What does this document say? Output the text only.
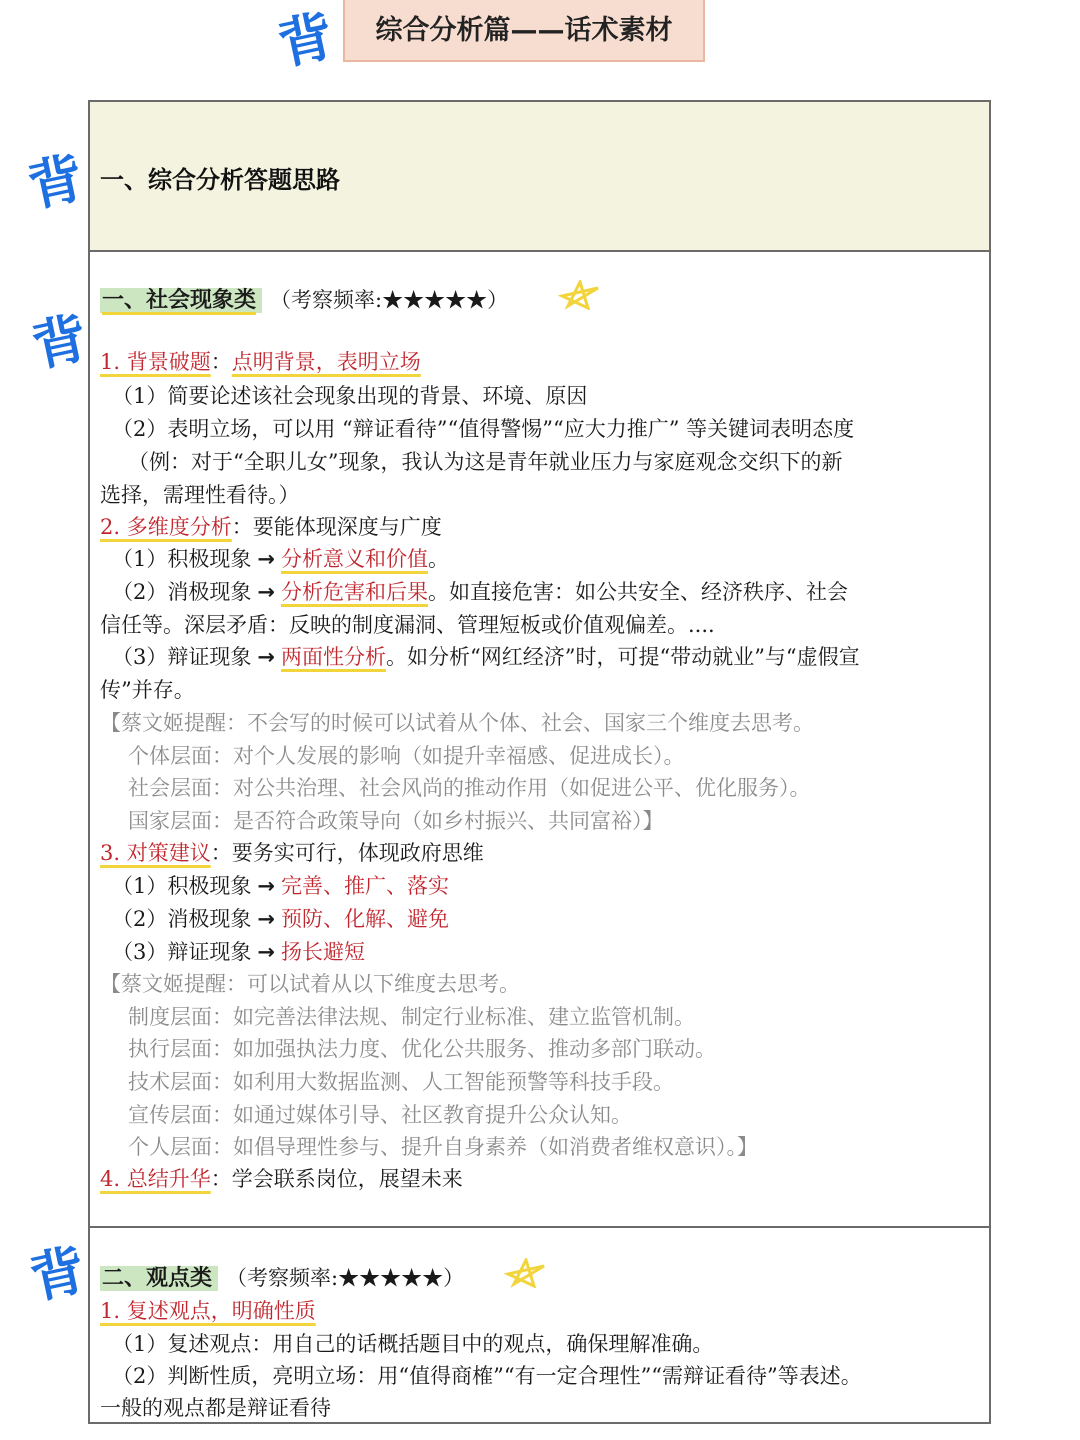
综合分析篇——话术素材
背
背
背
背
一、综合分析答题思路
一、社会现象类 （考察频率:★★★★★）
1. 背景破题：点明背景，表明立场
（1）简要论述该社会现象出现的背景、环境、原因
（2）表明立场，可以用 “辩证看待”“值得警惕”“应大力推广” 等关键词表明态度
（例：对于“全职儿女”现象，我认为这是青年就业压力与家庭观念交织下的新
选择，需理性看待。）
2. 多维度分析：要能体现深度与广度
（1）积极现象 → 分析意义和价值。
（2）消极现象 → 分析危害和后果。如直接危害：如公共安全、经济秩序、社会
信任等。深层矛盾：反映的制度漏洞、管理短板或价值观偏差。....
（3）辩证现象 → 两面性分析。如分析“网红经济”时，可提“带动就业”与“虚假宣
传”并存。
【蔡文姬提醒：不会写的时候可以试着从个体、社会、国家三个维度去思考。
个体层面：对个人发展的影响（如提升幸福感、促进成长）。
社会层面：对公共治理、社会风尚的推动作用（如促进公平、优化服务）。
国家层面：是否符合政策导向（如乡村振兴、共同富裕）】
3. 对策建议：要务实可行，体现政府思维
（1）积极现象 → 完善、推广、落实
（2）消极现象 → 预防、化解、避免
（3）辩证现象 → 扬长避短
【蔡文姬提醒：可以试着从以下维度去思考。
制度层面：如完善法律法规、制定行业标准、建立监管机制。
执行层面：如加强执法力度、优化公共服务、推动多部门联动。
技术层面：如利用大数据监测、人工智能预警等科技手段。
宣传层面：如通过媒体引导、社区教育提升公众认知。
个人层面：如倡导理性参与、提升自身素养（如消费者维权意识）。】
4. 总结升华：学会联系岗位，展望未来
二、观点类 （考察频率:★★★★★）
1. 复述观点，明确性质
（1）复述观点：用自己的话概括题目中的观点，确保理解准确。
（2）判断性质，亮明立场：用“值得商榷”“有一定合理性”“需辩证看待”等表述。
一般的观点都是辩证看待
